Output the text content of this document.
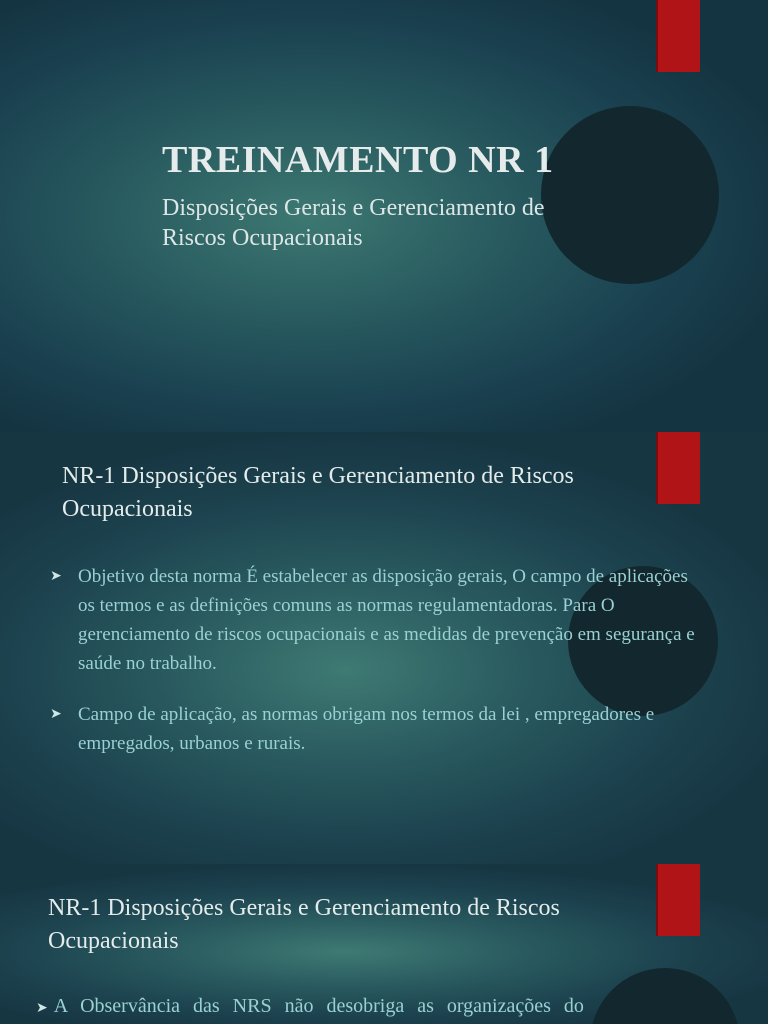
TREINAMENTO NR 1
Disposições Gerais e Gerenciamento de Riscos Ocupacionais
NR-1 Disposições Gerais e Gerenciamento de Riscos Ocupacionais
➤ Objetivo desta norma É estabelecer as disposição gerais, O campo de aplicações os termos e as definições comuns as normas regulamentadoras. Para O gerenciamento de riscos ocupacionais e as medidas de prevenção em segurança e saúde no trabalho.
➤ Campo de aplicação, as normas obrigam nos termos da lei , empregadores e empregados, urbanos e rurais.
NR-1 Disposições Gerais e Gerenciamento de Riscos Ocupacionais
➤ A Observância das NRS não desobriga as organizações do
